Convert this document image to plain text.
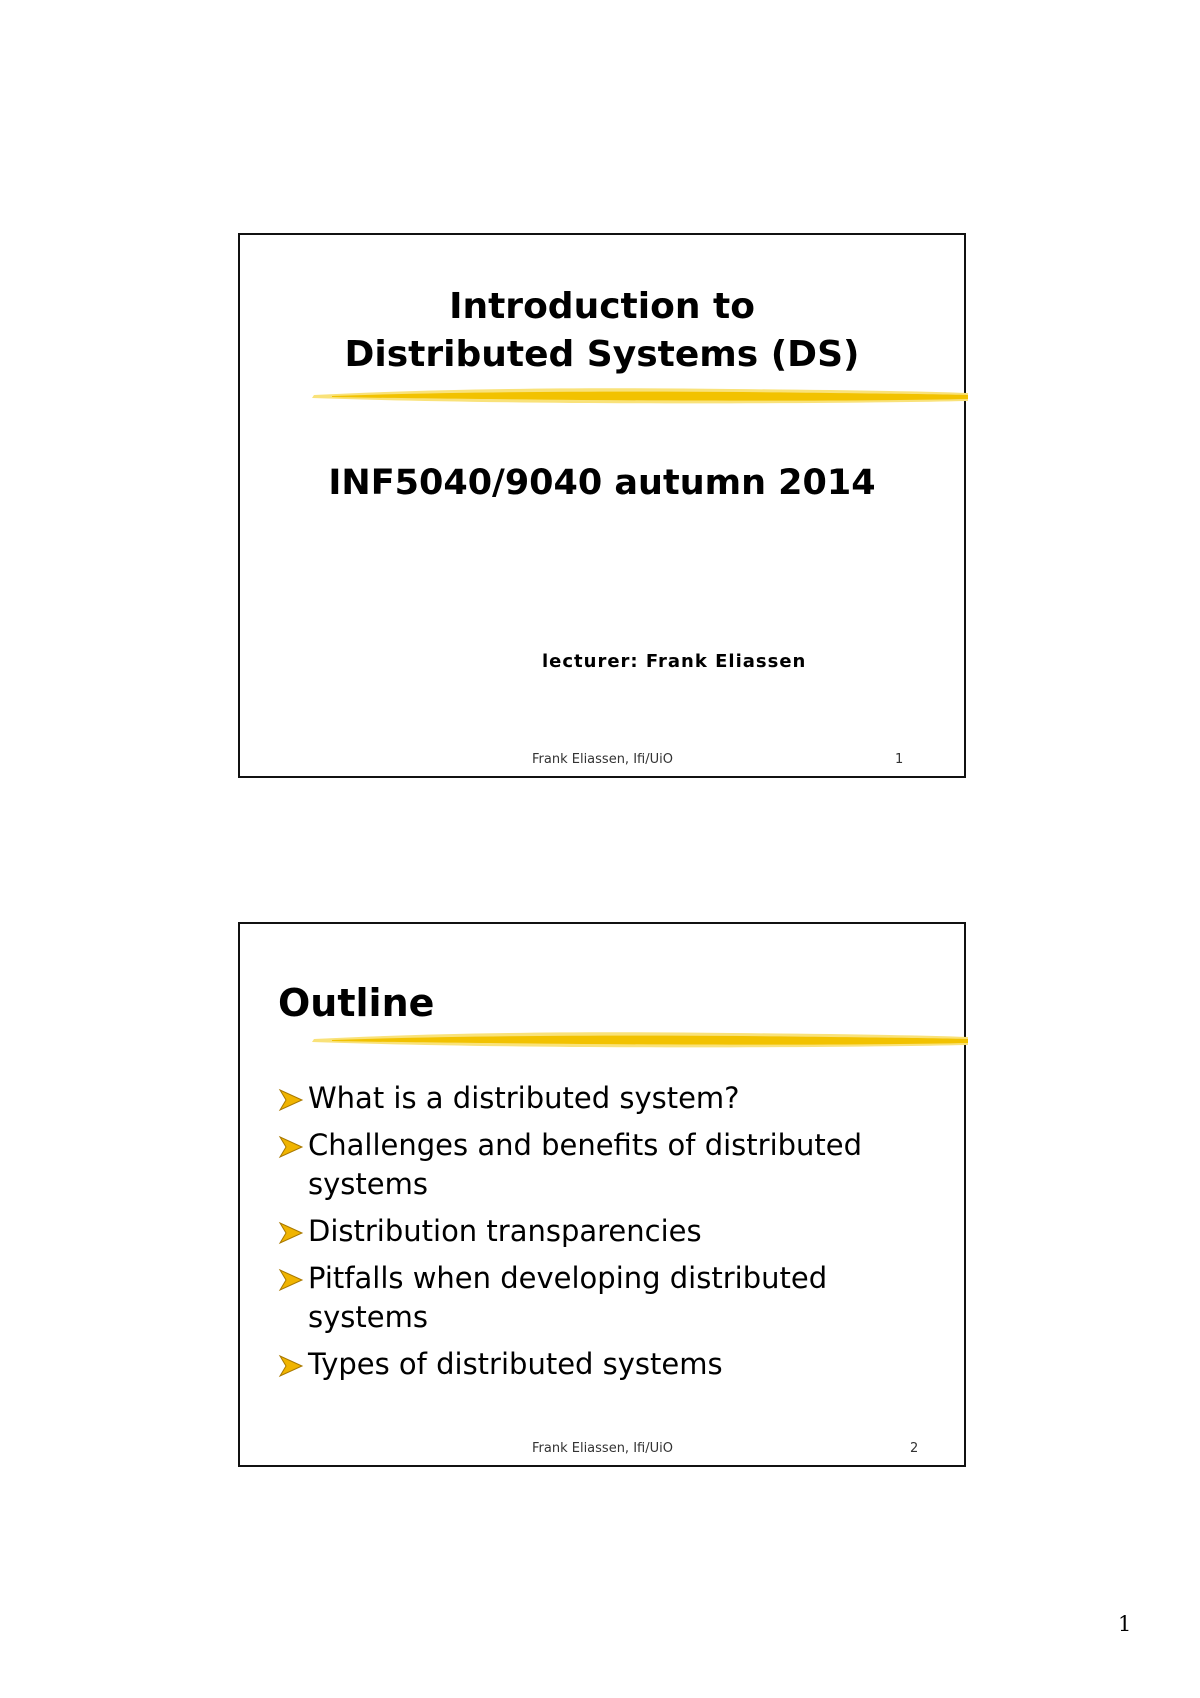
Introduction to
Distributed Systems (DS)
INF5040/9040 autumn 2014
lecturer: Frank Eliassen
Frank Eliassen, Ifi/UiO	1
Outline
What is a distributed system?
Challenges and benefits of distributed systems
Distribution transparencies
Pitfalls when developing distributed systems
Types of distributed systems
Frank Eliassen, Ifi/UiO	2
1
